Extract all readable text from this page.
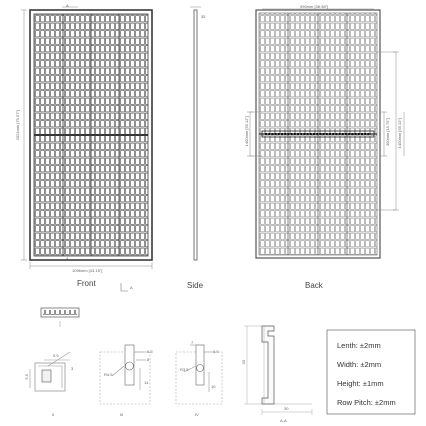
A
1096mm [43.15"]
2021mm [79.57"]
A
35
990mm [38.98"]
1400mm [55.12"]	400mm [15.75"] 1400mm [55.12"]
Front	Side	Back
A
5.5
5.5
3
II
6.5
8
14
R4.5
III
7
6.5
R3.5
10
IV
40
30
A-A
Lenth: ±2mm
Width: ±2mm
Height: ±1mm
Row Pitch: ±2mm
